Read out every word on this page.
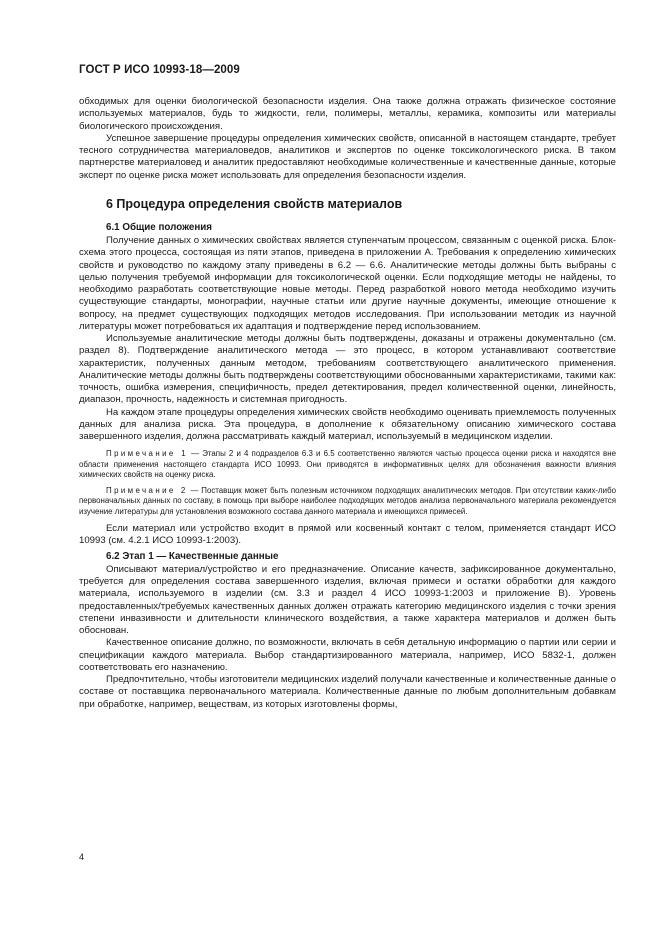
ГОСТ Р ИСО 10993-18—2009

обходимых для оценки биологической безопасности изделия. Она также должна отражать физическое состояние используемых материалов, будь то жидкости, гели, полимеры, металлы, керамика, композиты или материалы биологического происхождения.

Успешное завершение процедуры определения химических свойств, описанной в настоящем стандарте, требует тесного сотрудничества материаловедов, аналитиков и экспертов по оценке токсикологического риска. В таком партнерстве материаловед и аналитик предоставляют необходимые количественные и качественные данные, которые эксперт по оценке риска может использовать для определения безопасности изделия.

6 Процедура определения свойств материалов

6.1 Общие положения

Получение данных о химических свойствах является ступенчатым процессом, связанным с оценкой риска. Блок-схема этого процесса, состоящая из пяти этапов, приведена в приложении А. Требования к определению химических свойств и руководство по каждому этапу приведены в 6.2 — 6.6. Аналитические методы должны быть выбраны с целью получения требуемой информации для токсикологической оценки. Если подходящие методы не найдены, то необходимо разработать соответствующие новые методы. Перед разработкой нового метода необходимо изучить существующие стандарты, монографии, научные статьи или другие научные документы, имеющие отношение к вопросу, на предмет существующих подходящих методов исследования. При использовании методик из научной литературы может потребоваться их адаптация и подтверждение перед использованием.

Используемые аналитические методы должны быть подтверждены, доказаны и отражены документально (см. раздел 8). Подтверждение аналитического метода — это процесс, в котором устанавливают соответствие характеристик, полученных данным методом, требованиям соответствующего аналитического применения. Аналитические методы должны быть подтверждены соответствующими обоснованными характеристиками, такими как: точность, ошибка измерения, специфичность, предел детектирования, предел количественной оценки, линейность, диапазон, прочность, надежность и системная пригодность.

На каждом этапе процедуры определения химических свойств необходимо оценивать приемлемость полученных данных для анализа риска. Эта процедура, в дополнение к обязательному описанию химического состава завершенного изделия, должна рассматривать каждый материал, используемый в медицинском изделии.

Примечание 1 — Этапы 2 и 4 подразделов 6.3 и 6.5 соответственно являются частью процесса оценки риска и находятся вне области применения настоящего стандарта ИСО 10993. Они приводятся в информативных целях для обозначения важности влияния химических свойств на оценку риска.

Примечание 2 — Поставщик может быть полезным источником подходящих аналитических методов. При отсутствии каких-либо первоначальных данных по составу, в помощь при выборе наиболее подходящих методов анализа первоначального материала рекомендуется изучение литературы для установления возможного состава данного материала и имеющихся примесей.

Если материал или устройство входит в прямой или косвенный контакт с телом, применяется стандарт ИСО 10993 (см. 4.2.1 ИСО 10993-1:2003).

6.2 Этап 1 — Качественные данные

Описывают материал/устройство и его предназначение. Описание качеств, зафиксированное документально, требуется для определения состава завершенного изделия, включая примеси и остатки обработки для каждого материала, используемого в изделии (см. 3.3 и раздел 4 ИСО 10993-1:2003 и приложение В). Уровень предоставленных/требуемых качественных данных должен отражать категорию медицинского изделия с точки зрения степени инвазивности и длительности клинического воздействия, а также характера материалов и должен быть обоснован.

Качественное описание должно, по возможности, включать в себя детальную информацию о партии или серии и спецификации каждого материала. Выбор стандартизированного материала, например, ИСО 5832-1, должен соответствовать его назначению.

Предпочтительно, чтобы изготовители медицинских изделий получали качественные и количественные данные о составе от поставщика первоначального материала. Количественные данные по любым дополнительным добавкам при обработке, например, веществам, из которых изготовлены формы,

4
